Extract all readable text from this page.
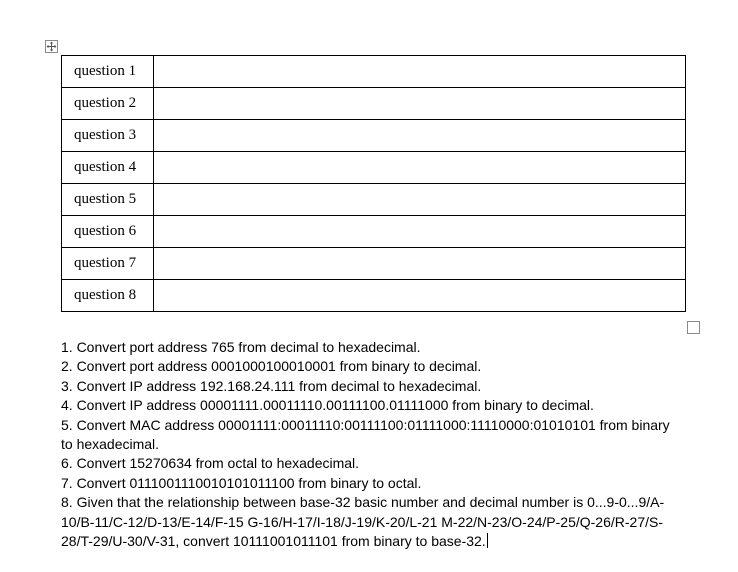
question 1	
question 2	
question 3	
question 4	
question 5	
question 6	
question 7	
question 8	

1. Convert port address 765 from decimal to hexadecimal.

2. Convert port address 0001000100010001 from binary to decimal.

3. Convert IP address 192.168.24.111 from decimal to hexadecimal.

4. Convert IP address 00001111.00011110.00111100.01111000 from binary to decimal.

5. Convert MAC address 00001111:00011110:00111100:01111000:11110000:01010101 from binary to hexadecimal.

6. Convert 15270634 from octal to hexadecimal.

7. Convert 0111001110010101011100 from binary to octal.

8. Given that the relationship between base-32 basic number and decimal number is 0...9-0...9/A-10/B-11/C-12/D-13/E-14/F-15 G-16/H-17/I-18/J-19/K-20/L-21 M-22/N-23/O-24/P-25/Q-26/R-27/S-28/T-29/U-30/V-31, convert 10111001011101 from binary to base-32.
